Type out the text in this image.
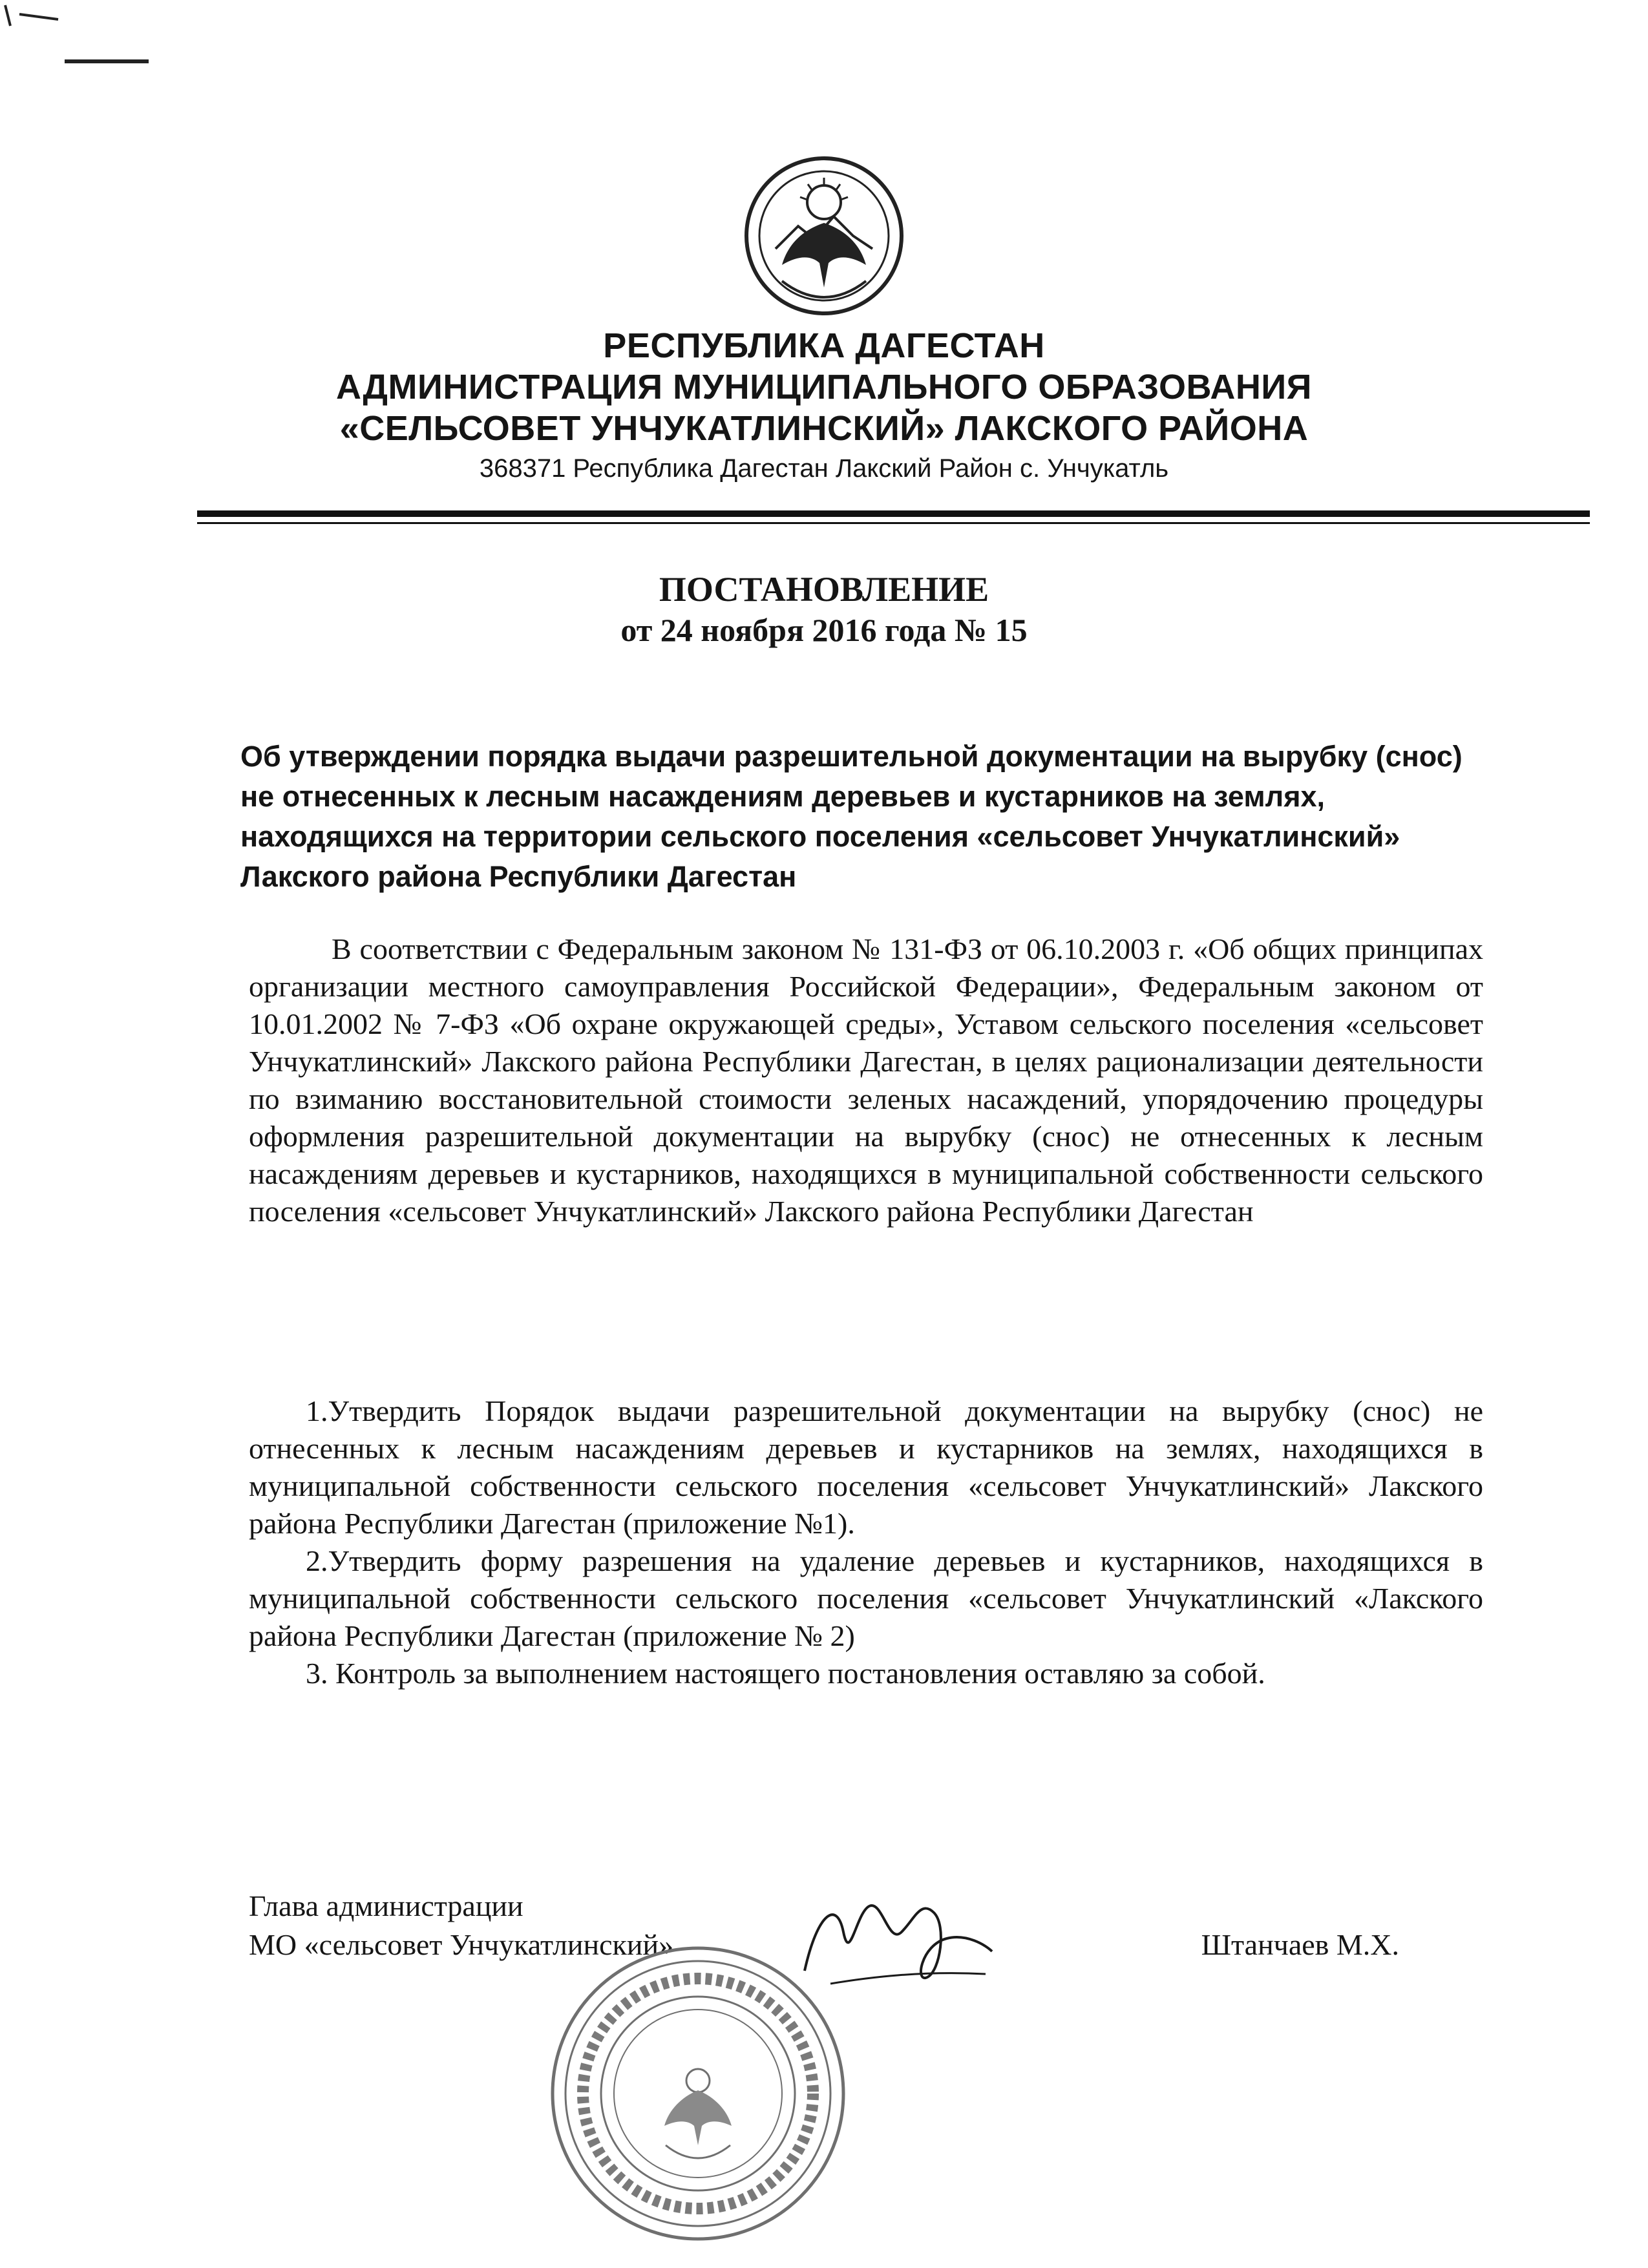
РЕСПУБЛИКА ДАГЕСТАН
АДМИНИСТРАЦИЯ МУНИЦИПАЛЬНОГО ОБРАЗОВАНИЯ
«СЕЛЬСОВЕТ УНЧУКАТЛИНСКИЙ» ЛАКСКОГО РАЙОНА
368371 Республика Дагестан Лакский Район с. Унчукатль
ПОСТАНОВЛЕНИЕ
от 24 ноября 2016 года № 15
Об утверждении порядка выдачи разрешительной документации на вырубку (снос) не отнесенных к лесным насаждениям деревьев и кустарников на землях, находящихся на территории сельского поселения «сельсовет Унчукатлинский» Лакского района Республики Дагестан

В соответствии с Федеральным законом № 131-ФЗ от 06.10.2003 г. «Об общих принципах организации местного самоуправления Российской Федерации», Федеральным законом от 10.01.2002 № 7-ФЗ «Об охране окружающей среды», Уставом сельского поселения «сельсовет Унчукатлинский» Лакского района Республики Дагестан, в целях рационализации деятельности по взиманию восстановительной стоимости зеленых насаждений, упорядочению процедуры оформления разрешительной документации на вырубку (снос) не отнесенных к лесным насаждениям деревьев и кустарников, находящихся в муниципальной собственности сельского поселения «сельсовет Унчукатлинский» Лакского района Республики Дагестан

1.Утвердить Порядок выдачи разрешительной документации на вырубку (снос) не отнесенных к лесным насаждениям деревьев и кустарников на землях, находящихся в муниципальной собственности сельского поселения «сельсовет Унчукатлинский» Лакского района Республики Дагестан (приложение №1).

2.Утвердить форму разрешения на удаление деревьев и кустарников, находящихся в муниципальной собственности сельского поселения «сельсовет Унчукатлинский «Лакского района Республики Дагестан (приложение № 2)

3. Контроль за выполнением настоящего постановления оставляю за собой.

Глава администрации
МО «сельсовет Унчукатлинский»	Штанчаев М.Х.
